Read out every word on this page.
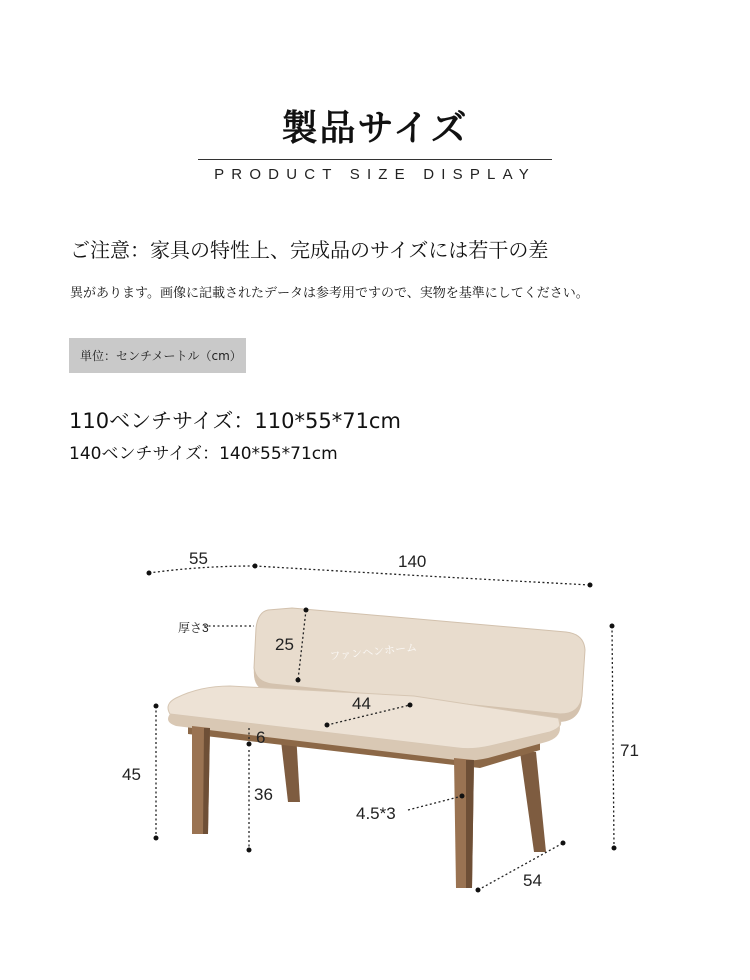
製品サイズ
PRODUCT SIZE DISPLAY
ご注意：家具の特性上、完成品のサイズには若干の差
異があります。画像に記載されたデータは参考用ですので、実物を基準にしてください。
単位：センチメートル（cm）
110ベンチサイズ：110*55*71cm
140ベンチサイズ：140*55*71cm
ファンヘンホーム
55	140
厚さ3
25
44
6
45
36
4.5*3
71
54
